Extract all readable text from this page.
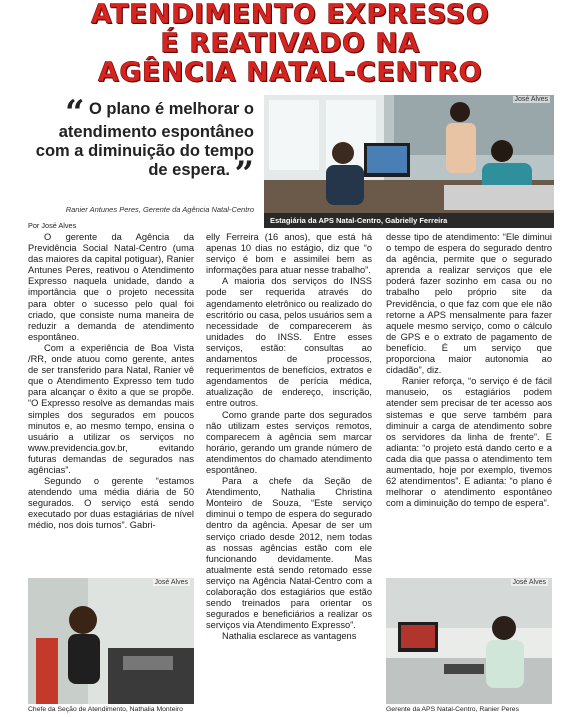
ATENDIMENTO EXPRESSO
É REATIVADO NA
AGÊNCIA NATAL-CENTRO
“ O plano é melhorar o atendimento espontâneo com a diminuição do tempo de espera. ”
Ranier Antunes Peres, Gerente da Agência Natal-Centro
José Alves
Estagiária da APS Natal-Centro, Gabrielly Ferreira
Por José Alves

O gerente da Agência da Previdência Social Natal-Centro (uma das maiores da capital potiguar), Ranier Antunes Peres, reativou o Atendimento Expresso naquela unidade, dando a importância que o projeto necessita para obter o sucesso pelo qual foi criado, que consiste numa maneira de reduzir a demanda de atendimento espontâneo.

Com a experiência de Boa Vista /RR, onde atuou como gerente, antes de ser transferido para Natal, Ranier vê que o Atendimento Expresso tem tudo para alcançar o êxito a que se propõe. “O Expresso resolve as demandas mais simples dos segurados em poucos minutos e, ao mesmo tempo, ensina o usuário a utilizar os serviços no www.previdencia.gov.br, evitando futuras demandas de segurados nas agências”.

Segundo o gerente “estamos atendendo uma média diária de 50 segurados. O serviço está sendo executado por duas estagiárias de nível médio, nos dois turnos”. Gabri-

José Alves
Chefe da Seção de Atendimento, Nathalia Monteiro

elly Ferreira (16 anos), que está há apenas 10 dias no estágio, diz que “o serviço é bom e assimilei bem as informações para atuar nesse trabalho”.

A maioria dos serviços do INSS pode ser requerida através do agendamento eletrônico ou realizado do escritório ou casa, pelos usuários sem a necessidade de comparecerem às unidades do INSS. Entre esses serviços, estão: consultas ao andamentos de processos, requerimentos de benefícios, extratos e agendamentos de perícia médica, atualização de endereço, inscrição, entre outros.

Como grande parte dos segurados não utilizam estes serviços remotos, comparecem à agência sem marcar horário, gerando um grande número de atendimentos do chamado atendimento espontâneo.

Para a chefe da Seção de Atendimento, Nathalia Christina Monteiro de Souza, “Este serviço diminui o tempo de espera do segurado dentro da agência. Apesar de ser um serviço criado desde 2012, nem todas as nossas agências estão com ele funcionando devidamente. Mas atualmente está sendo retomado esse serviço na Agência Natal-Centro com a colaboração dos estagiários que estão sendo treinados para orientar os segurados e beneficiários a realizar os serviços via Atendimento Expresso”.

Nathalia esclarece as vantagens

desse tipo de atendimento: “Ele diminui o tempo de espera do segurado dentro da agência, permite que o segurado aprenda a realizar serviços que ele poderá fazer sozinho em casa ou no trabalho pelo próprio site da Previdência, o que faz com que ele não retorne a APS mensalmente para fazer aquele mesmo serviço, como o cálculo de GPS e o extrato de pagamento de benefício. É um serviço que proporciona maior autonomia ao cidadão”, diz.

Ranier reforça, “o serviço é de fácil manuseio, os estagiários podem atender sem precisar de ter acesso aos sistemas e que serve também para diminuir a carga de atendimento sobre os servidores da linha de frente”. E adianta: “o projeto está dando certo e a cada dia que passa o atendimento tem aumentado, hoje por exemplo, tivemos 62 atendimentos”. E adianta: “o plano é melhorar o atendimento espontâneo com a diminuição do tempo de espera”.

José Alves
Gerente da APS Natal-Centro, Ranier Peres
